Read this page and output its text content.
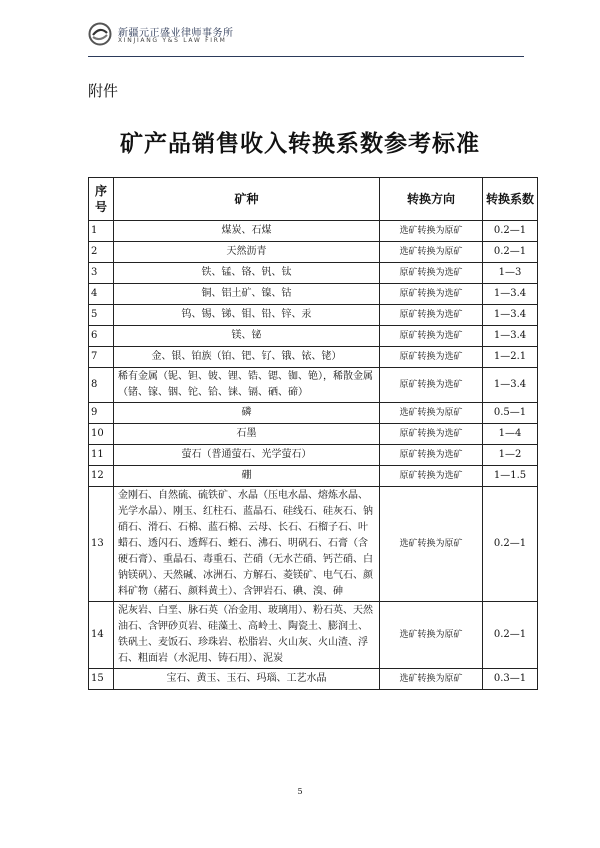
新疆元正盛业律师事务所
XINJIANG Y&S LAW FIRM
附件
矿产品销售收入转换系数参考标准
序号	矿种	转换方向	转换系数
1	煤炭、石煤	选矿转换为原矿	0.2—1
2	天然沥青	选矿转换为原矿	0.2—1
3	铁、锰、铬、钒、钛	原矿转换为选矿	1—3
4	铜、铝土矿、镍、钴	原矿转换为选矿	1—3.4
5	钨、锡、锑、钼、铅、锌、汞	原矿转换为选矿	1—3.4
6	镁、铋	原矿转换为选矿	1—3.4
7	金、银、铂族（铂、钯、钌、锇、铱、铑）	原矿转换为选矿	1—2.1
8	稀有金属（铌、钽、铍、锂、锆、锶、铷、铯），稀散金属（锗、镓、铟、铊、铪、铼、镉、硒、碲）	原矿转换为选矿	1—3.4
9	磷	选矿转换为原矿	0.5—1
10	石墨	原矿转换为选矿	1—4
11	萤石（普通萤石、光学萤石）	原矿转换为选矿	1—2
12	硼	原矿转换为选矿	1—1.5
13	金刚石、自然硫、硫铁矿、水晶（压电水晶、熔炼水晶、光学水晶）、刚玉、红柱石、蓝晶石、硅线石、硅灰石、钠硝石、滑石、石棉、蓝石棉、云母、长石、石榴子石、叶蜡石、透闪石、透辉石、蛭石、沸石、明矾石、石膏（含硬石膏）、重晶石、毒重石、芒硝（无水芒硝、钙芒硝、白钠镁矾）、天然碱、冰洲石、方解石、菱镁矿、电气石、颜料矿物（赭石、颜料黄土）、含钾岩石、碘、溴、砷	选矿转换为原矿	0.2—1
14	泥灰岩、白垩、脉石英（冶金用、玻璃用）、粉石英、天然油石、含钾砂页岩、硅藻土、高岭土、陶瓷土、膨润土、铁矾土、麦饭石、珍珠岩、松脂岩、火山灰、火山渣、浮石、粗面岩（水泥用、铸石用）、泥炭	选矿转换为原矿	0.2—1
15	宝石、黄玉、玉石、玛瑙、工艺水晶	选矿转换为原矿	0.3—1
5
